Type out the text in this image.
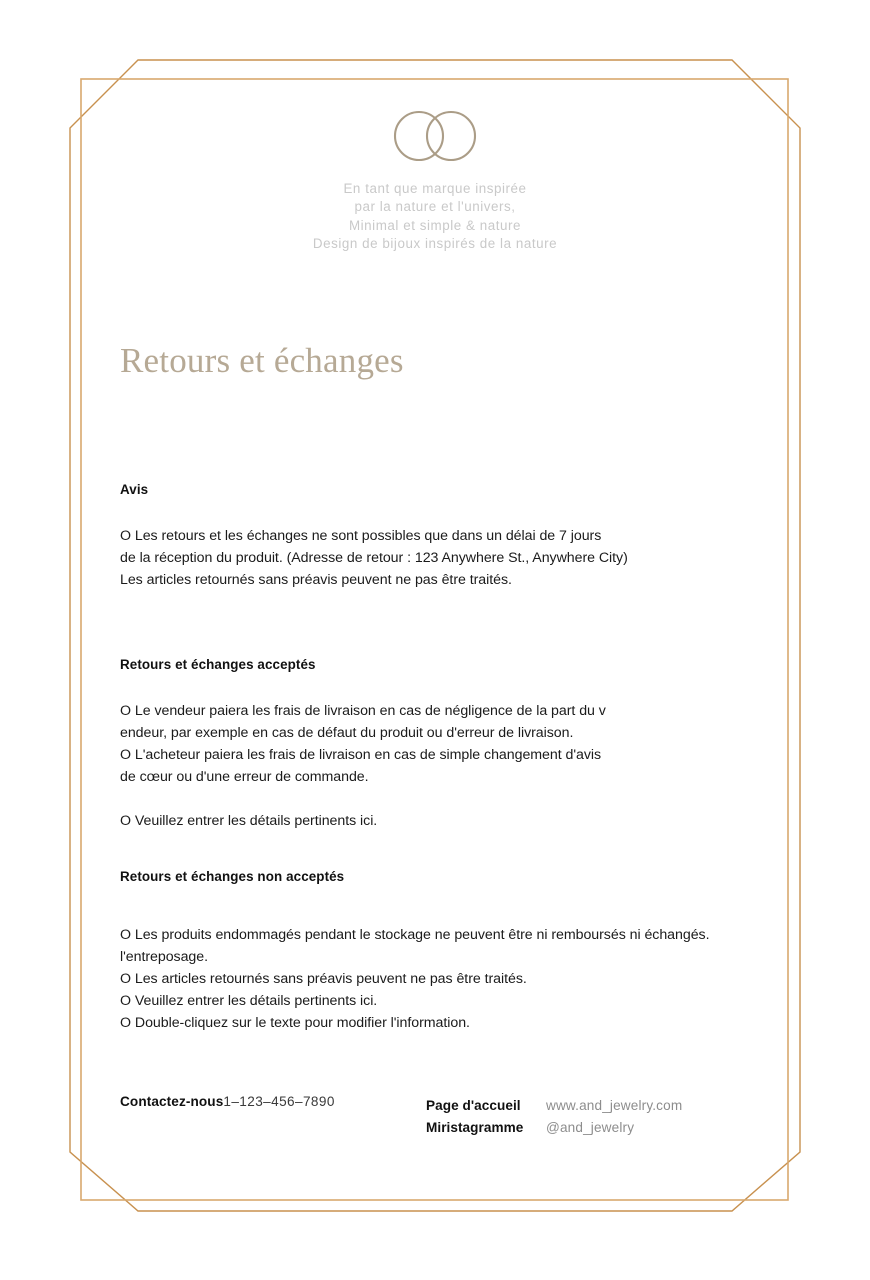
En tant que marque inspirée
par la nature et l'univers,
Minimal et simple & nature
Design de bijoux inspirés de la nature
Retours et échanges

Avis

O Les retours et les échanges ne sont possibles que dans un délai de 7 jours
de la réception du produit. (Adresse de retour : 123 Anywhere St., Anywhere City)
Les articles retournés sans préavis peuvent ne pas être traités.

Retours et échanges acceptés

O Le vendeur paiera les frais de livraison en cas de négligence de la part du v
endeur, par exemple en cas de défaut du produit ou d'erreur de livraison.
O L'acheteur paiera les frais de livraison en cas de simple changement d'avis
de cœur ou d'une erreur de commande.

O Veuillez entrer les détails pertinents ici.

Retours et échanges non acceptés

O Les produits endommagés pendant le stockage ne peuvent être ni remboursés ni échangés.
l'entreposage.
O Les articles retournés sans préavis peuvent ne pas être traités.
O Veuillez entrer les détails pertinents ici.
O Double-cliquez sur le texte pour modifier l'information.

Contactez-nous1–123–456–7890	Page d'accueil	www.and_jewelry.com
Miristagramme	@and_jewelry
